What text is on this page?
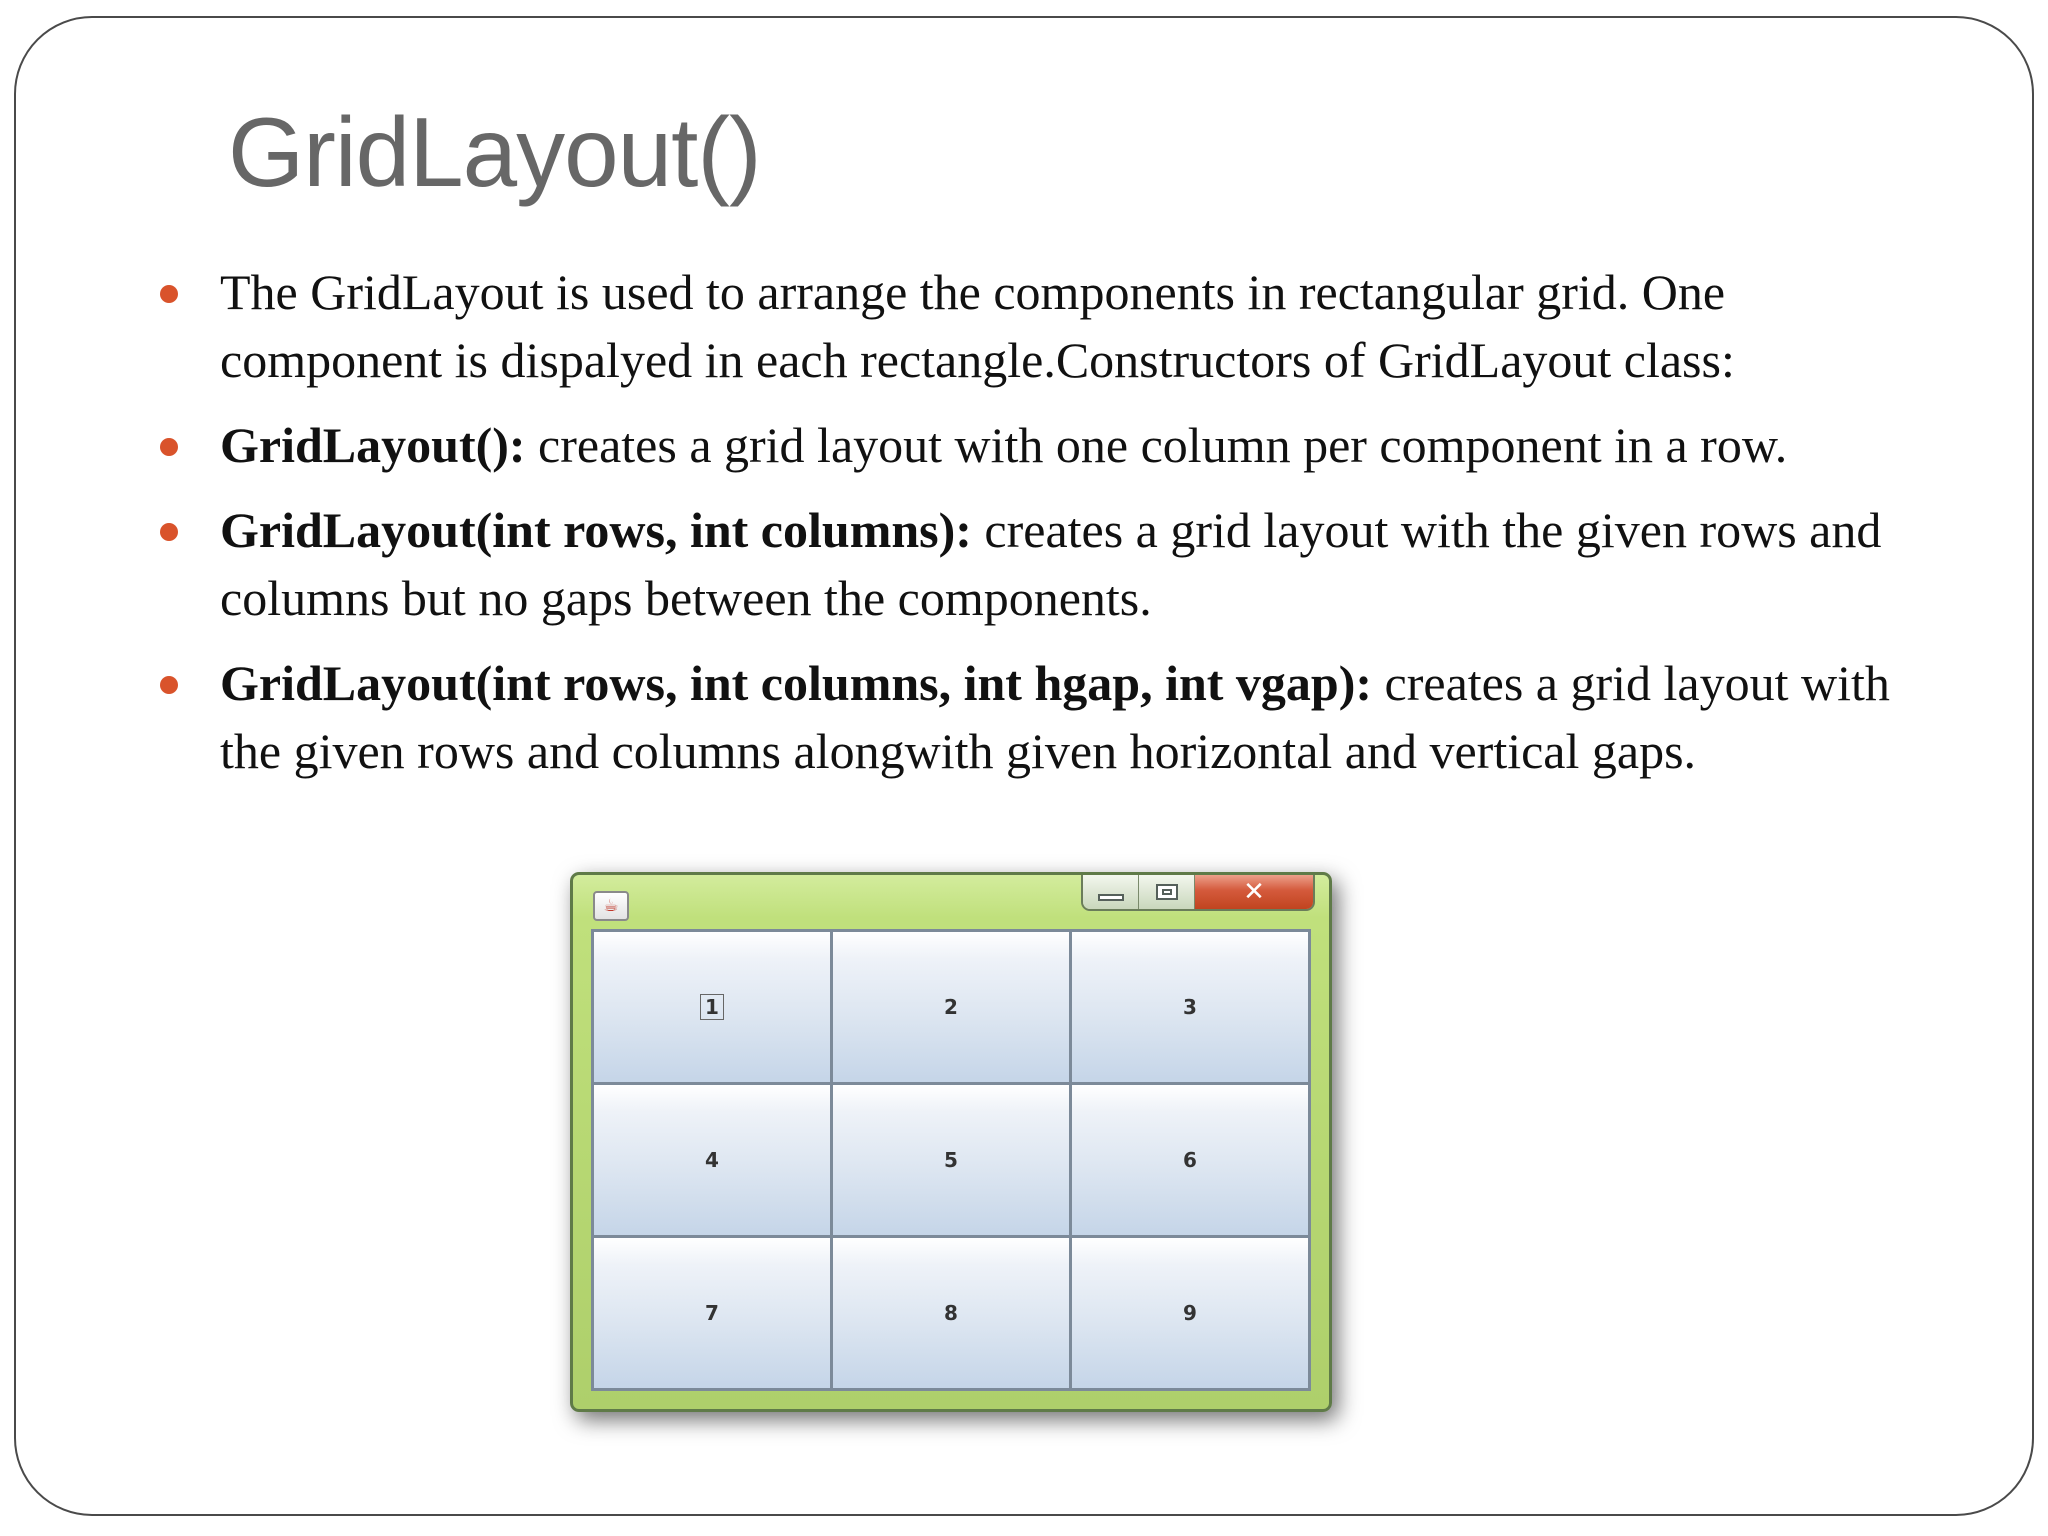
GridLayout()
The GridLayout is used to arrange the components in rectangular grid. One component is dispalyed in each rectangle.Constructors of GridLayout class:
GridLayout(): creates a grid layout with one column per component in a row.
GridLayout(int rows, int columns): creates a grid layout with the given rows and columns but no gaps between the components.
GridLayout(int rows, int columns, int hgap, int vgap): creates a grid layout with the given rows and columns alongwith given horizontal and vertical gaps.
☕	✕
1	2	3
4	5	6
7	8	9
